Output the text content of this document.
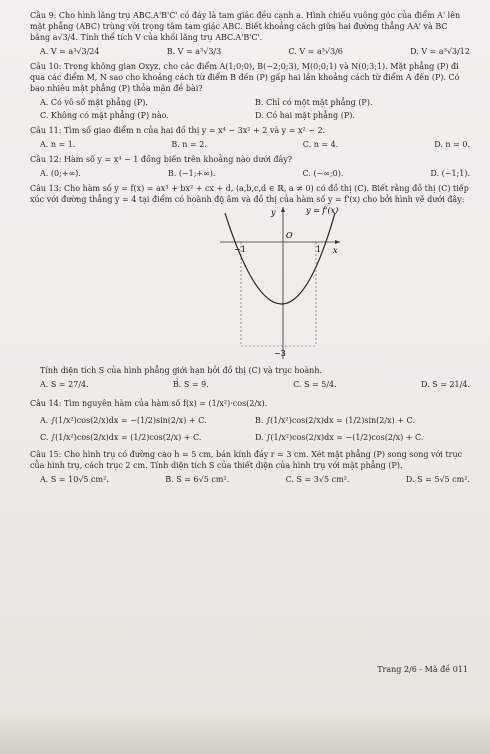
Câu 9: Cho hình lăng trụ ABC.A'B'C' có đáy là tam giác đều cạnh a. Hình chiếu vuông góc của điểm A' lên mặt phẳng (ABC) trùng với trọng tâm tam giác ABC. Biết khoảng cách giữa hai đường thẳng AA' và BC bằng a√3/4. Tính thể tích V của khối lăng trụ ABC.A'B'C'.

A. V = a³√3/24	B. V = a³√3/3	C. V = a³√3/6	D. V = a³√3/12

Câu 10: Trong không gian Oxyz, cho các điểm A(1;0;0), B(−2;0;3), M(0;0;1) và N(0;3;1). Mặt phẳng (P) đi qua các điểm M, N sao cho khoảng cách từ điểm B đến (P) gấp hai lần khoảng cách từ điểm A đến (P). Có bao nhiêu mặt phẳng (P) thỏa mãn đề bài?

A. Có vô số mặt phẳng (P).	B. Chỉ có một mặt phẳng (P).
C. Không có mặt phẳng (P) nào.	D. Có hai mặt phẳng (P).

Câu 11: Tìm số giao điểm n của hai đồ thị y = x⁴ − 3x² + 2 và y = x² − 2.

A. n = 1.	B. n = 2.	C. n = 4.	D. n = 0.

Câu 12: Hàm số y = x⁴ − 1 đồng biến trên khoảng nào dưới đây?

A. (0;+∞).	B. (−1;+∞).	C. (−∞;0).	D. (−1;1).

Câu 13: Cho hàm số y = f(x) = ax³ + bx² + cx + d, (a,b,c,d ∈ ℝ, a ≠ 0) có đồ thị (C). Biết rằng đồ thị (C) tiếp xúc với đường thẳng y = 4 tại điểm có hoành độ âm và đồ thị của hàm số y = f'(x) cho bởi hình vẽ dưới đây:

y	y = f'(x)
O
x
−1	1
−3

Tính diện tích S của hình phẳng giới hạn bởi đồ thị (C) và trục hoành.

A. S = 27/4.	B. S = 9.	C. S = 5/4.	D. S = 21/4.

Câu 14: Tìm nguyên hàm của hàm số f(x) = (1/x²)·cos(2/x).

A. ∫(1/x²)cos(2/x)dx = −(1/2)sin(2/x) + C.	B. ∫(1/x²)cos(2/x)dx = (1/2)sin(2/x) + C.
C. ∫(1/x²)cos(2/x)dx = (1/2)cos(2/x) + C.	D. ∫(1/x²)cos(2/x)dx = −(1/2)cos(2/x) + C.

Câu 15: Cho hình trụ có đường cao h = 5 cm, bán kính đáy r = 3 cm. Xét mặt phẳng (P) song song với trục của hình trụ, cách trục 2 cm. Tính diện tích S của thiết diện của hình trụ với mặt phẳng (P).

A. S = 10√5 cm².	B. S = 6√5 cm².	C. S = 3√5 cm².	D. S = 5√5 cm².
Trang 2/6 - Mã đề 011
